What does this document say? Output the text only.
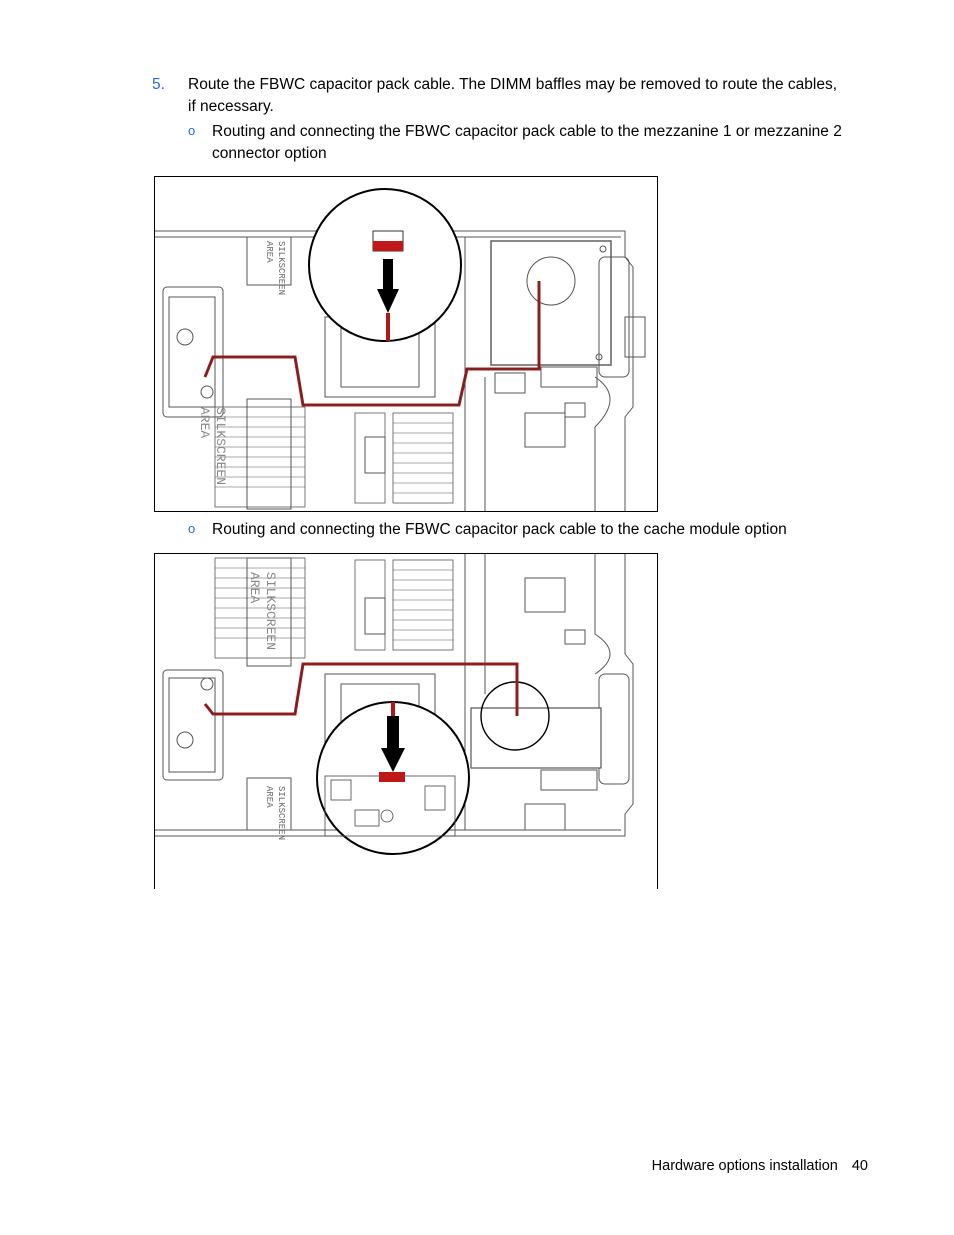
5. Route the FBWC capacitor pack cable. The DIMM baffles may be removed to route the cables, if necessary.
o Routing and connecting the FBWC capacitor pack cable to the mezzanine 1 or mezzanine 2 connector option
SILKSCREEN
AREA
SILKSCREEN
AREA
o Routing and connecting the FBWC capacitor pack cable to the cache module option
SILKSCREEN
AREA
SILKSCREEN
AREA
Hardware options installation 40
